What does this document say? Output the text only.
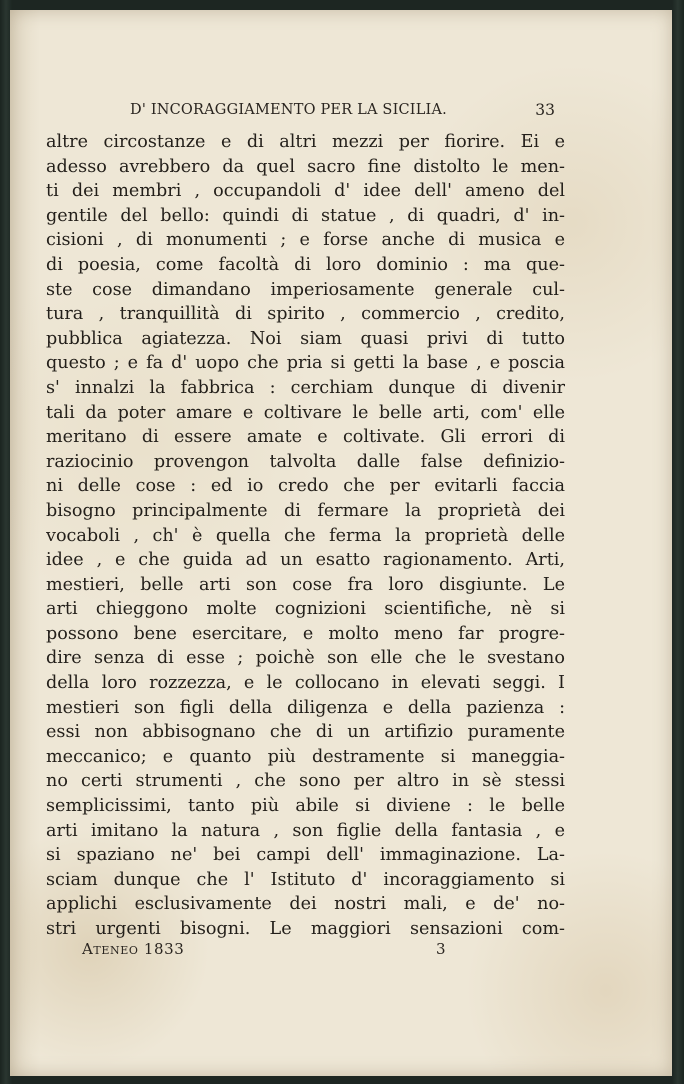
D' INCORAGGIAMENTO PER LA SICILIA.	33
altre circostanze e di altri mezzi per fiorire. Ei e
adesso avrebbero da quel sacro fine distolto le men-
ti dei membri , occupandoli d' idee dell' ameno del
gentile del bello: quindi di statue , di quadri, d' in-
cisioni , di monumenti ; e forse anche di musica e
di poesia, come facoltà di loro dominio : ma que-
ste cose dimandano imperiosamente generale cul-
tura , tranquillità di spirito , commercio , credito,
pubblica agiatezza. Noi siam quasi privi di tutto
questo ; e fa d' uopo che pria si getti la base , e poscia
s' innalzi la fabbrica : cerchiam dunque di divenir
tali da poter amare e coltivare le belle arti, com' elle
meritano di essere amate e coltivate. Gli errori di
raziocinio provengon talvolta dalle false definizio-
ni delle cose : ed io credo che per evitarli faccia
bisogno principalmente di fermare la proprietà dei
vocaboli , ch' è quella che ferma la proprietà delle
idee , e che guida ad un esatto ragionamento. Arti,
mestieri, belle arti son cose fra loro disgiunte. Le
arti chieggono molte cognizioni scientifiche, nè si
possono bene esercitare, e molto meno far progre-
dire senza di esse ; poichè son elle che le svestano
della loro rozzezza, e le collocano in elevati seggi. I
mestieri son figli della diligenza e della pazienza :
essi non abbisognano che di un artifizio puramente
meccanico; e quanto più destramente si maneggia-
no certi strumenti , che sono per altro in sè stessi
semplicissimi, tanto più abile si diviene : le belle
arti imitano la natura , son figlie della fantasia , e
si spaziano ne' bei campi dell' immaginazione. La-
sciam dunque che l' Istituto d' incoraggiamento si
applichi esclusivamente dei nostri mali, e de' no-
stri urgenti bisogni. Le maggiori sensazioni com-
Ateneo 1833	3
